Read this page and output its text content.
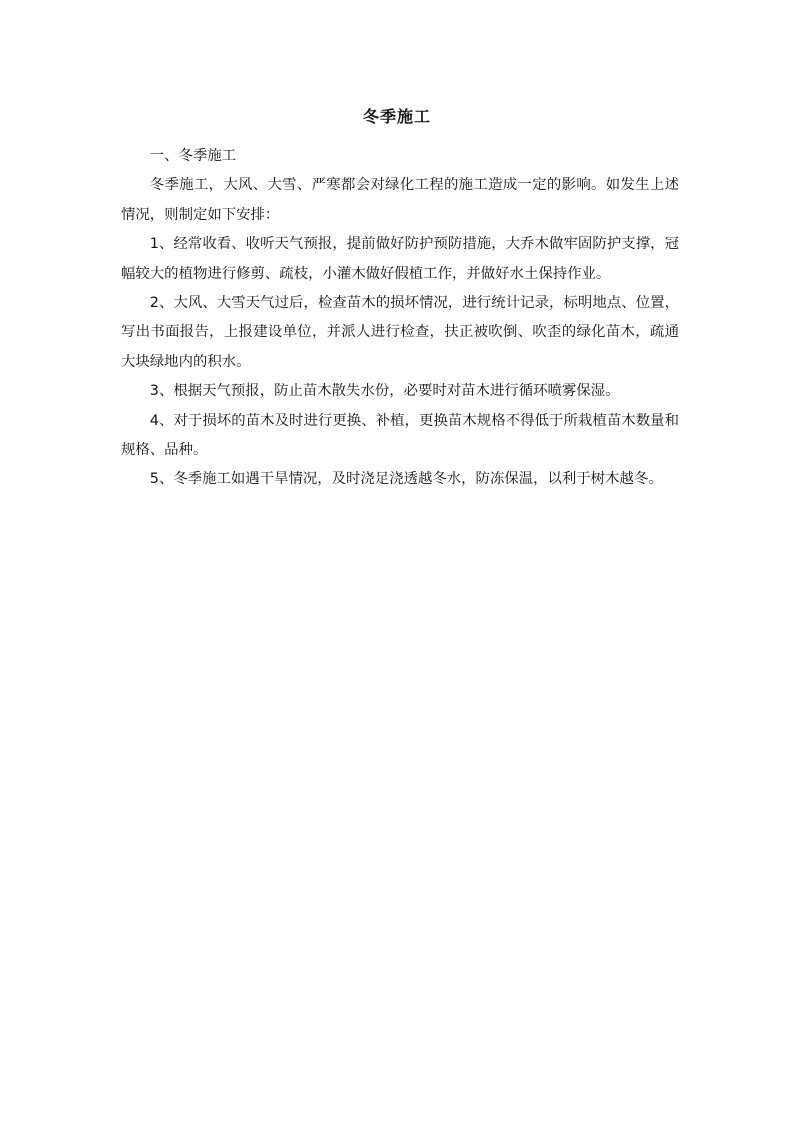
冬季施工

一、冬季施工

冬季施工，大风、大雪、严寒都会对绿化工程的施工造成一定的影响。如发生上述情况，则制定如下安排：

1、经常收看、收听天气预报，提前做好防护预防措施，大乔木做牢固防护支撑，冠幅较大的植物进行修剪、疏枝，小灌木做好假植工作，并做好水土保持作业。

2、大风、大雪天气过后，检查苗木的损坏情况，进行统计记录，标明地点、位置，写出书面报告，上报建设单位，并派人进行检查，扶正被吹倒、吹歪的绿化苗木，疏通大块绿地内的积水。

3、根据天气预报，防止苗木散失水份，必要时对苗木进行循环喷雾保湿。

4、对于损坏的苗木及时进行更换、补植，更换苗木规格不得低于所栽植苗木数量和规格、品种。

5、冬季施工如遇干旱情况，及时浇足浇透越冬水，防冻保温，以利于树木越冬。
